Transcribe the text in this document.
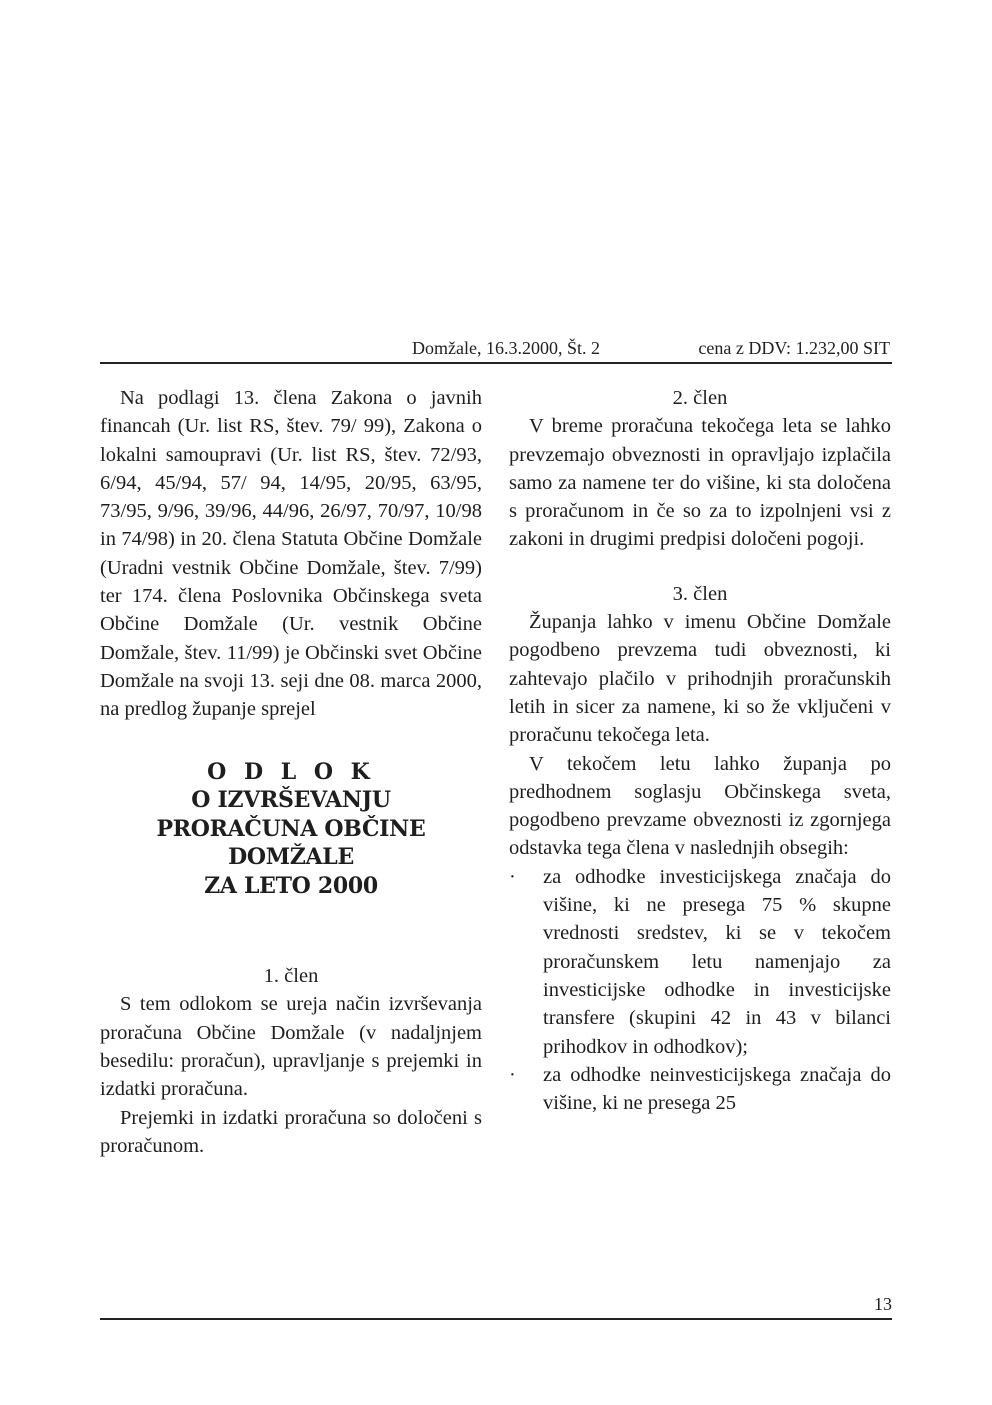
Domžale, 16.3.2000, Št. 2	cena z DDV: 1.232,00 SIT

Na podlagi 13. člena Zakona o javnih financah (Ur. list RS, štev. 79/ 99), Zakona o lokalni samoupravi (Ur. list RS, štev. 72/93, 6/94, 45/94, 57/ 94, 14/95, 20/95, 63/95, 73/95, 9/96, 39/96, 44/96, 26/97, 70/97, 10/98 in 74/98) in 20. člena Statuta Občine Domžale (Uradni vestnik Občine Domžale, štev. 7/99) ter 174. člena Poslovnika Občinskega sveta Občine Domžale (Ur. vestnik Občine Domžale, štev. 11/99) je Občinski svet Občine Domžale na svoji 13. seji dne 08. marca 2000, na predlog županje sprejel

O D L O K
O IZVRŠEVANJU
PRORAČUNA OBČINE
DOMŽALE
ZA LETO 2000
1. člen

S tem odlokom se ureja način izvrševanja proračuna Občine Domžale (v nadaljnjem besedilu: proračun), upravljanje s prejemki in izdatki proračuna.

Prejemki in izdatki proračuna so določeni s proračunom.

2. člen

V breme proračuna tekočega leta se lahko prevzemajo obveznosti in opravljajo izplačila samo za namene ter do višine, ki sta določena s proračunom in če so za to izpolnjeni vsi z zakoni in drugimi predpisi določeni pogoji.

3. člen

Županja lahko v imenu Občine Domžale pogodbeno prevzema tudi obveznosti, ki zahtevajo plačilo v prihodnjih proračunskih letih in sicer za namene, ki so že vključeni v proračunu tekočega leta.

V tekočem letu lahko županja po predhodnem soglasju Občinskega sveta, pogodbeno prevzame obveznosti iz zgornjega odstavka tega člena v naslednjih obsegih:

· za odhodke investicijskega značaja do višine, ki ne presega 75 % skupne vrednosti sredstev, ki se v tekočem proračunskem letu namenjajo za investicijske odhodke in investicijske transfere (skupini 42 in 43 v bilanci prihodkov in odhodkov);
· za odhodke neinvesticijskega značaja do višine, ki ne presega 25
13
